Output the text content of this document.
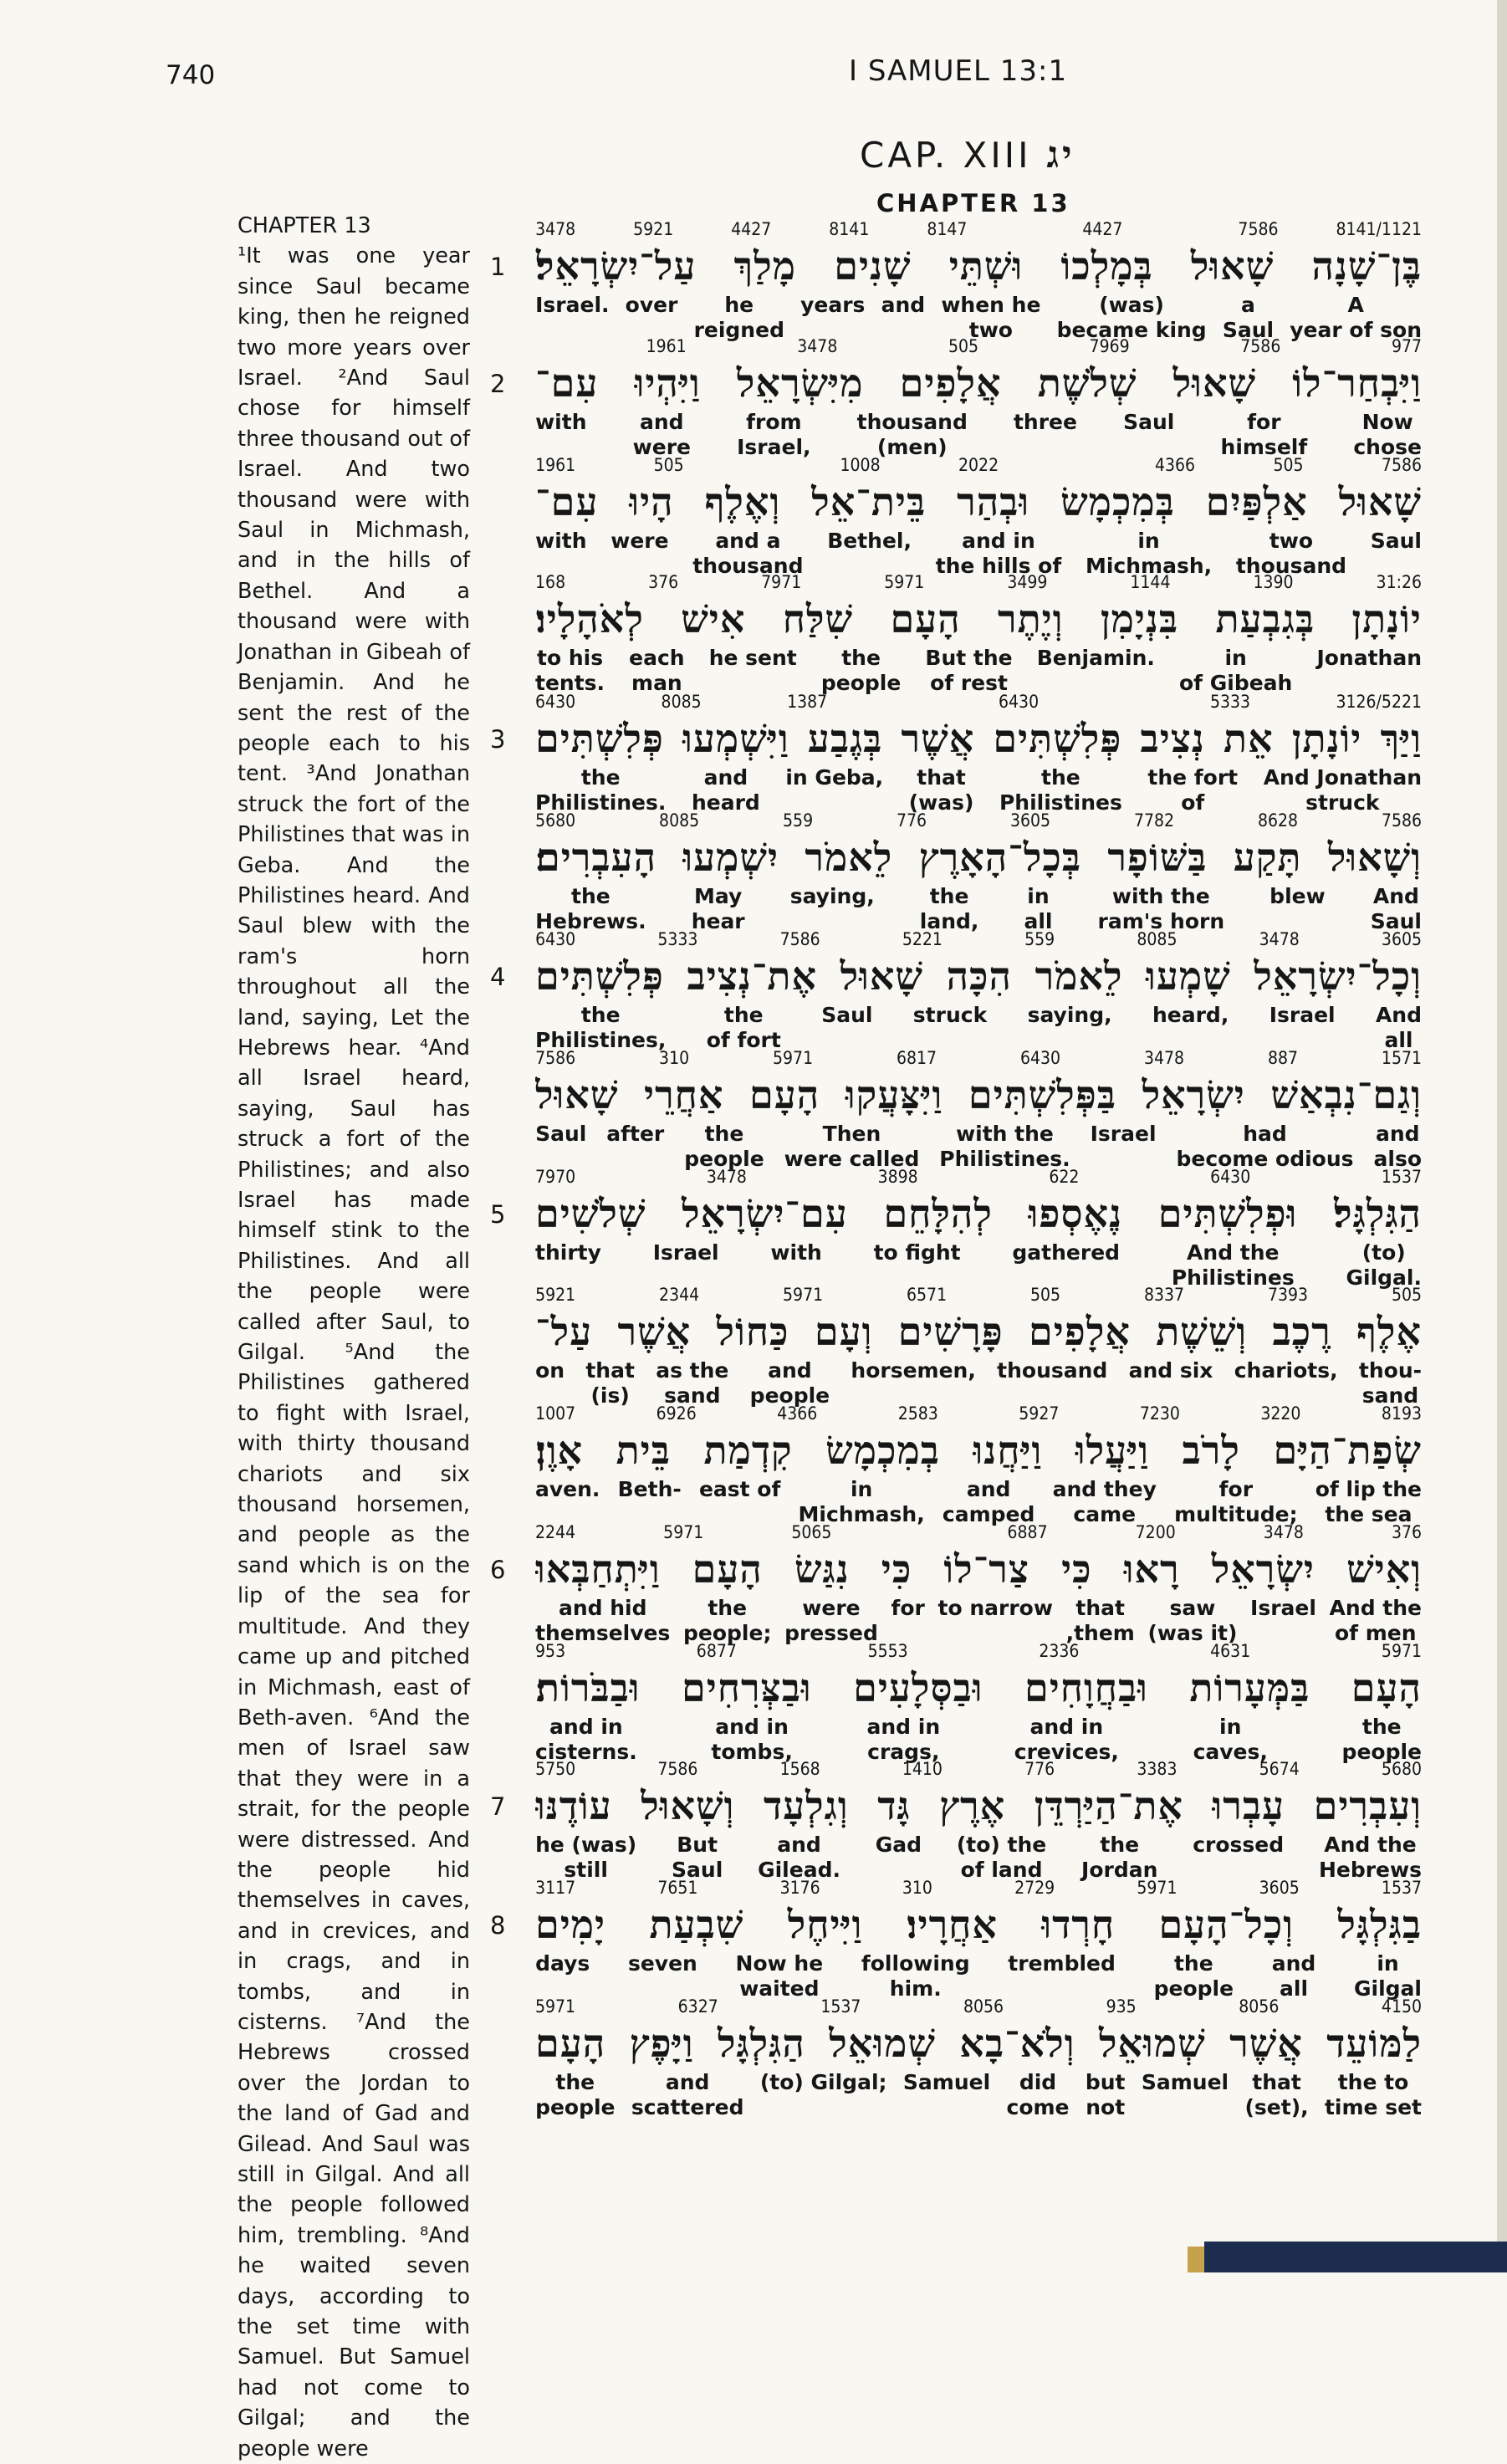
740	I SAMUEL 13:1
CAP. XIII יג
CHAPTER 13
CHAPTER 13
¹It was one year since Saul became king, then he reigned two more years over Israel. ²And Saul chose for himself three thousand out of Israel. And two thousand were with Saul in Michmash, and in the hills of Bethel. And a thousand were with Jonathan in Gibeah of Benjamin. And he sent the rest of the people each to his tent. ³And Jonathan struck the fort of the Philistines that was in Geba. And the Philistines heard. And Saul blew with the ram's horn throughout all the land, saying, Let the Hebrews hear. ⁴And all Israel heard, saying, Saul has struck a fort of the Philistines; and also Israel has made himself stink to the Philistines. And all the people were called after Saul, to Gilgal. ⁵And the Philistines gathered to fight with Israel, with thirty thousand chariots and six thousand horsemen, and people as the sand which is on the lip of the sea for multitude. And they came up and pitched in Michmash, east of Beth-aven. ⁶And the men of Israel saw that they were in a strait, for the people were distressed. And the people hid themselves in caves, and in crevices, and in crags, and in tombs, and in cisterns. ⁷And the Hebrews crossed over the Jordan to the land of Gad and Gilead. And Saul was still in Gilgal. And all the people followed him, trembling. ⁸And he waited seven days, according to the set time with Samuel. But Samuel had not come to Gilgal; and the people were
1
8141/1121
7586
4427
8147
8141
4427
5921
3478
בֶּן־שָׁנָה שָׁאוּל בְּמָלְכוֹ וּשְׁתֵּי שָׁנִים מָלַךְ עַל־יִשְׂרָאֵל׃
A
year of son
a
Saul
(was)
became king
when he
two
and
years
he
reigned
over
Israel.
2
977
7586
7969
505
3478
1961
וַיִּבְחַר־לוֹ שָׁאוּל שְׁלֹשֶׁת אֲלָפִים מִיִּשְׂרָאֵל וַיִּהְיוּ עִם־
Now
chose
for
himself
Saul
three
thousand
(men)
from
Israel,
and
were
with
7586
505
4366
2022
1008
505
1961
שָׁאוּל אַלְפַּיִם בְּמִכְמָשׂ וּבְהַר בֵּית־אֵל וְאֶלֶף הָיוּ עִם־
Saul
two
thousand
in
Michmash,
and in
the hills of
Bethel,
and a
thousand
were
with
31:26
1390
1144
3499
5971
7971
376
168
יוֹנָתָן בְּגִבְעַת בִּנְיָמִן וְיֶתֶר הָעָם שִׁלַּח אִישׁ לְאֹהָלָיו׃
Jonathan
in
of Gibeah
Benjamin.
But the
of rest
the
people
he sent
each
man
to his
tents.
3
3126/5221
5333
6430
1387
8085
6430
וַיַּךְ יוֹנָתָן אֵת נְצִיב פְּלִשְׁתִּים אֲשֶׁר בְּגֶבַע וַיִּשְׁמְעוּ פְּלִשְׁתִּים
And Jonathan
struck
the fort
of
the
Philistines
that
(was)
in Geba,
and
heard
the
Philistines.
7586
8628
7782
3605
776
559
8085
5680
וְשָׁאוּל תָּקַע בַּשּׁוֹפָר בְּכָל־הָאָרֶץ לֵאמֹר יִשְׁמְעוּ הָעִבְרִים׃
And
Saul
blew
with the
ram's horn
in
all
the
land,
saying,
May
hear
the
Hebrews.
4
3605
3478
8085
559
5221
7586
5333
6430
וְכָל־יִשְׂרָאֵל שָׁמְעוּ לֵאמֹר הִכָּה שָׁאוּל אֶת־נְצִיב פְּלִשְׁתִּים
And
all
Israel
heard,
saying,
struck
Saul
the
of fort
the
Philistines,
1571
887
3478
6430
6817
5971
310
7586
וְגַם־נִבְאַשׁ יִשְׂרָאֵל בַּפְּלִשְׁתִּים וַיִּצָּעֲקוּ הָעָם אַחֲרֵי שָׁאוּל
and
also
had
become odious
Israel
with the
Philistines.
Then
were called
the
people
after
Saul
5
1537
6430
622
3898
3478
7970
הַגִּלְגָּל׃ וּפְלִשְׁתִּים נֶאֶסְפוּ לְהִלָּחֵם עִם־יִשְׂרָאֵל שְׁלֹשִׁים
(to)
Gilgal.
And the
Philistines
gathered
to fight
with
Israel
thirty
505
7393
8337
505
6571
5971
2344
5921
אֶלֶף רֶכֶב וְשֵׁשֶׁת אֲלָפִים פָּרָשִׁים וְעָם כַּחוֹל אֲשֶׁר עַל־
thou-
sand
chariots,
and six
thousand
horsemen,
and
people
as the
sand
that
(is)
on
8193
3220
7230
5927
2583
4366
6926
1007
שְׂפַת־הַיָּם לָרֹב וַיַּעֲלוּ וַיַּחֲנוּ בְמִכְמָשׂ קִדְמַת בֵּית אָוֶן׃
of lip the
the sea
for
multitude;
and they
came
and
camped
in
Michmash,
east of
Beth-
aven.
6
376
3478
7200
6887
5065
5971
2244
וְאִישׁ יִשְׂרָאֵל רָאוּ כִּי צַר־לוֹ כִּי נִגַּשׂ הָעָם וַיִּתְחַבְּאוּ
And the
of men
Israel
saw
(was it)
that
,them
to narrow
for
were
pressed
the
people;
and hid
themselves
5971
4631
2336
5553
6877
953
הָעָם בַּמְּעָרוֹת וּבַחֲוָחִים וּבַסְּלָעִים וּבַצְּרִחִים וּבַבֹּרוֹת׃
the
people
in
caves,
and in
crevices,
and in
crags,
and in
tombs,
and in
cisterns.
7
5680
5674
3383
776
1410
1568
7586
5750
וְעִבְרִים עָבְרוּ אֶת־הַיַּרְדֵּן אֶרֶץ גָּד וְגִלְעָד וְשָׁאוּל עוֹדֶנּוּ
And the
Hebrews
crossed
the
Jordan
(to) the
of land
Gad
and
Gilead.
But
Saul
he (was)
still
8
1537
3605
5971
2729
310
3176
7651
3117
בַגִּלְגָּל וְכָל־הָעָם חָרְדוּ אַחֲרָיו׃ וַיִּיחֶל שִׁבְעַת יָמִים
in
Gilgal
and
all
the
people
trembled
following
him.
Now he
waited
seven
days
4150
8056
935
8056
1537
6327
5971
לַמּוֹעֵד אֲשֶׁר שְׁמוּאֵל וְלֹא־בָא שְׁמוּאֵל הַגִּלְגָּל וַיָּפֶץ הָעָם
the to
time set
that
(set),
Samuel
but
not
did
come
Samuel
(to) Gilgal;
and
scattered
the
people
